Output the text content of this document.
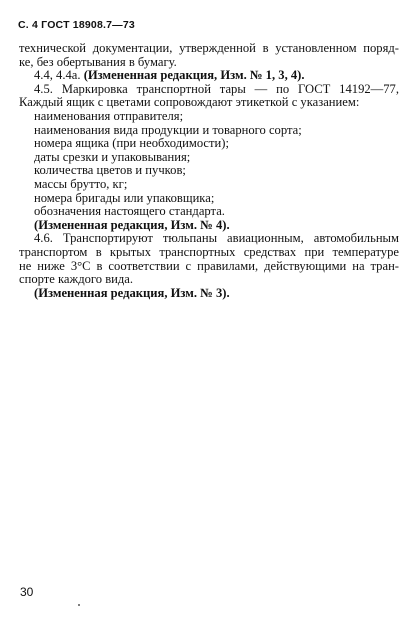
С. 4 ГОСТ 18908.7—73
технической документации, утвержденной в установленном поряд-
ке, без обертывания в бумагу.
4.4, 4.4а. (Измененная редакция, Изм. № 1, 3, 4).
4.5. Маркировка транспортной тары — по ГОСТ 14192—77,
Каждый ящик с цветами сопровождают этикеткой с указанием:
наименования отправителя;
наименования вида продукции и товарного сорта;
номера ящика (при необходимости);
даты срезки и упаковывания;
количества цветов и пучков;
массы брутто, кг;
номера бригады или упаковщика;
обозначения настоящего стандарта.
(Измененная редакция, Изм. № 4).
4.6. Транспортируют тюльпаны авиационным, автомобильным
транспортом в крытых транспортных средствах при температуре
не ниже 3°С в соответствии с правилами, действующими на тран-
спорте каждого вида.
(Измененная редакция, Изм. № 3).
30
